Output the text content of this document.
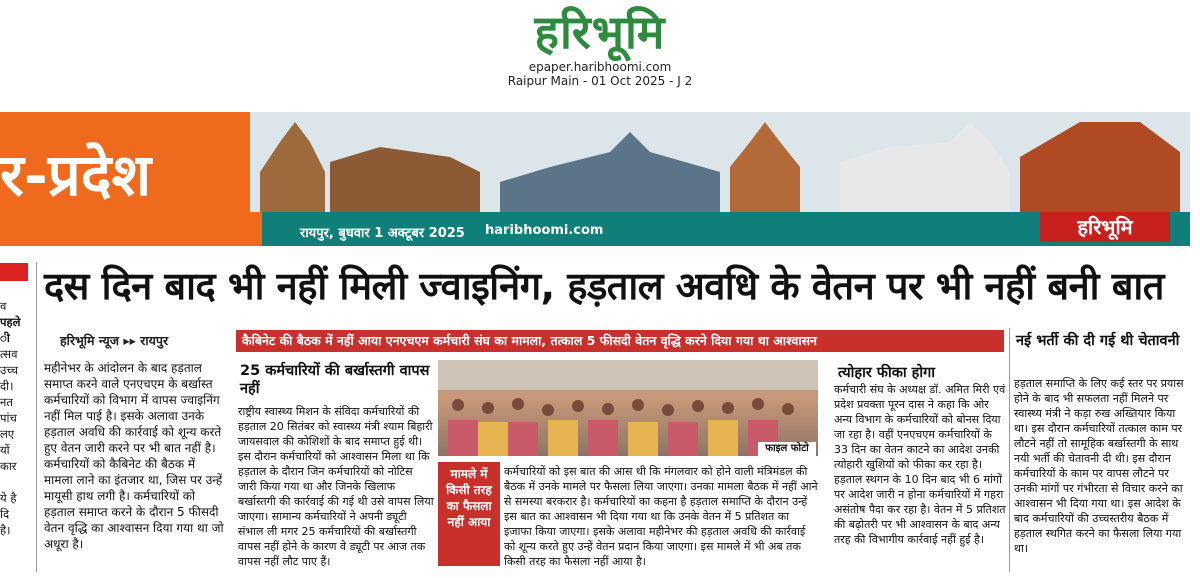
हरिभूमि
epaper.haribhoomi.com
Raipur Main - 01 Oct 2025 - J 2
र-प्रदेश
रायपुर, बुधवार 1 अक्टूबर 2025 haribhoomi.com	हरिभूमि
व
पहले
ी
त्सव
उच्च
दी।
नत
पांच
लए
यों
कार
ये है
दि
है।
दस दिन बाद भी नहीं मिली ज्वाइनिंग, हड़ताल अवधि के वेतन पर भी नहीं बनी बात
हरिभूमि न्यूज ▸▸ रायपुर
महीनेभर के आंदोलन के बाद हड़ताल समाप्त करने वाले एनएचएम के बर्खास्त कर्मचारियों को विभाग में वापस ज्वाइनिंग नहीं मिल पाई है। इसके अलावा उनके हड़ताल अवधि की कार्रवाई को शून्य करते हुए वेतन जारी करने पर भी बात नहीं है। कर्मचारियों को कैबिनेट की बैठक में मामला लाने का इंतजार था, जिस पर उन्हें मायूसी हाथ लगी है। कर्मचारियों को हड़ताल समाप्त करने के दौरान 5 फीसदी वेतन वृद्धि का आश्वासन दिया गया था जो अधूरा है।
कैबिनेट की बैठक में नहीं आया एनएचएम कर्मचारी संघ का मामला, तत्काल 5 फीसदी वेतन वृद्धि करने दिया गया था आश्वासन
25 कर्मचारियों की बर्खास्तगी वापस नहीं
राष्ट्रीय स्वास्थ्य मिशन के संविदा कर्मचारियों की हड़ताल 20 सितंबर को स्वास्थ्य मंत्री श्याम बिहारी जायसवाल की कोशिशों के बाद समाप्त हुई थी। इस दौरान कर्मचारियों को आश्वासन मिला था कि हड़ताल के दौरान जिन कर्मचारियों को नोटिस जारी किया गया था और जिनके खिलाफ बर्खास्तगी की कार्रवाई की गई थी उसे वापस लिया जाएगा। सामान्य कर्मचारियों ने अपनी ड्यूटी संभाल ली मगर 25 कर्मचारियों की बर्खास्तगी वापस नहीं होने के कारण वे ड्यूटी पर आज तक वापस नहीं लौट पाए हैं।
फाइल फोटो
मामले में किसी तरह का फैसला नहीं आया
कर्मचारियों को इस बात की आस थी कि मंगलवार को होने वाली मंत्रिमंडल की बैठक में उनके मामले पर फैसला लिया जाएगा। उनका मामला बैठक में नहीं आने से समस्या बरकरार है। कर्मचारियों का कहना है हड़ताल समाप्ति के दौरान उन्हें इस बात का आश्वासन भी दिया गया था कि उनके वेतन में 5 प्रतिशत का इजाफा किया जाएगा। इसके अलावा महीनेभर की हड़ताल अवधि की कार्रवाई को शून्य करते हुए उन्हें वेतन प्रदान किया जाएगा। इस मामले में भी अब तक किसी तरह का फैसला नहीं आया है।
त्योहार फीका होगा
कर्मचारी संघ के अध्यक्ष डॉ. अमित मिरी एवं प्रदेश प्रवक्ता पूरन दास ने कहा कि ओर अन्य विभाग के कर्मचारियों को बोनस दिया जा रहा है। वहीं एनएचएम कर्मचारियों के 33 दिन का वेतन काटने का आदेश उनकी त्योहारी खुशियों को फीका कर रहा है। हड़ताल स्थगन के 10 दिन बाद भी 6 मांगों पर आदेश जारी न होना कर्मचारियों में गहरा असंतोष पैदा कर रहा है। वेतन में 5 प्रतिशत की बढ़ोतरी पर भी आश्वासन के बाद अन्य तरह की विभागीय कार्रवाई नहीं हुई है।
नई भर्ती की दी गई थी चेतावनी
हड़ताल समाप्ति के लिए कई स्तर पर प्रयास होने के बाद भी सफलता नहीं मिलने पर स्वास्थ्य मंत्री ने कड़ा रुख अख्तियार किया था। इस दौरान कर्मचारियों तत्काल काम पर लौटने नहीं तो सामूहिक बर्खास्तगी के साथ नयी भर्ती की चेतावनी दी थी। इस दौरान कर्मचारियों के काम पर वापस लौटने पर उनकी मांगों पर गंभीरता से विचार करने का आश्वासन भी दिया गया था। इस आदेश के बाद कर्मचारियों की उच्चस्तरीय बैठक में हड़ताल स्थगित करने का फैसला लिया गया था।
